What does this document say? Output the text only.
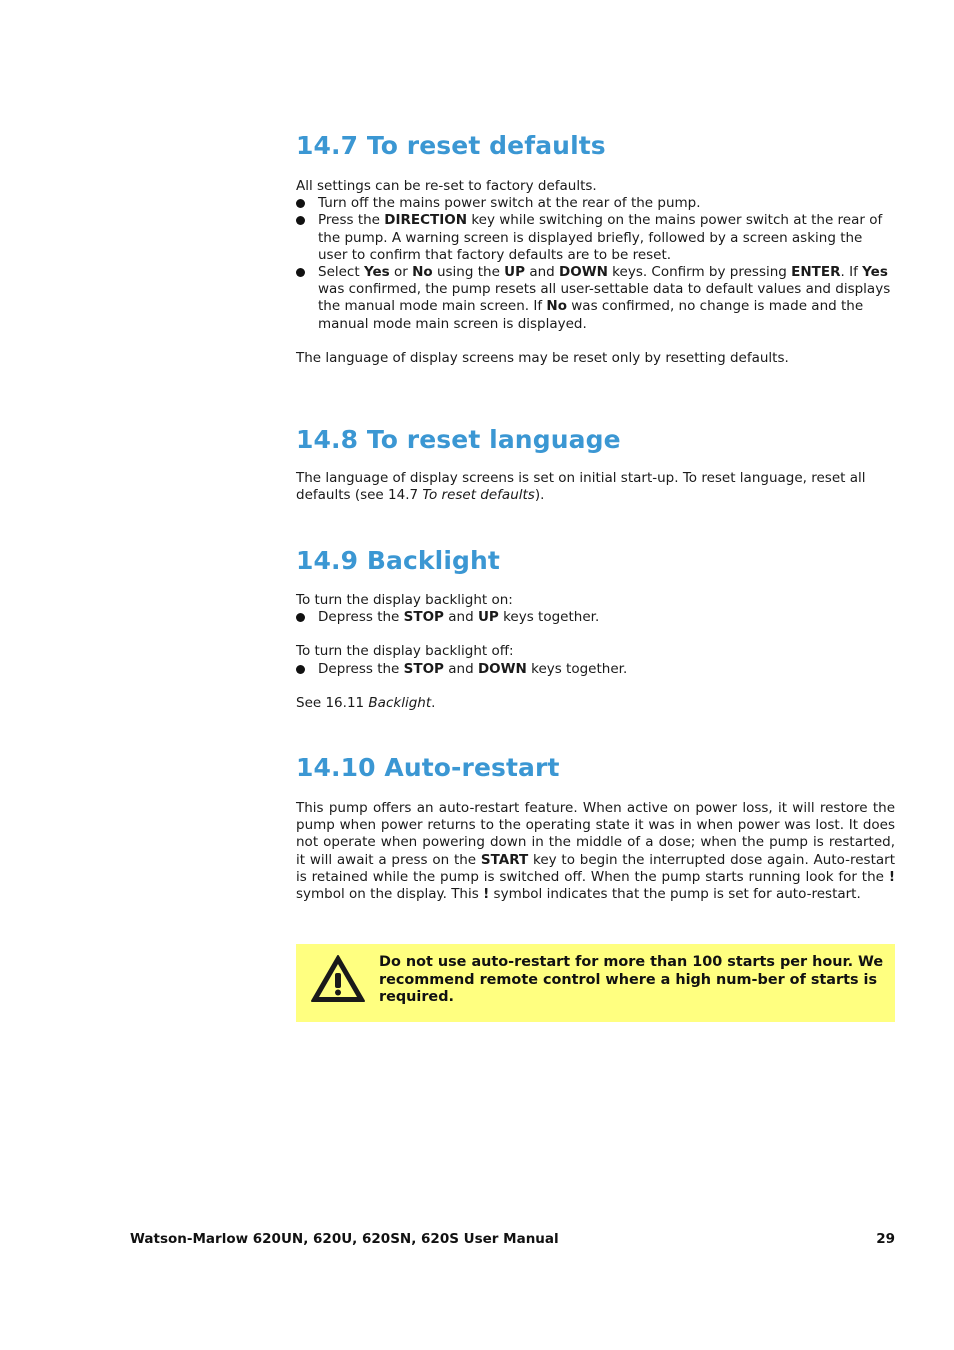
14.7 To reset defaults

All settings can be re-set to factory defaults.

Turn off the mains power switch at the rear of the pump.
Press the DIRECTION key while switching on the mains power switch at the rear of the pump. A warning screen is displayed briefly, followed by a screen asking the user to confirm that factory defaults are to be reset.
Select Yes or No using the UP and DOWN keys. Confirm by pressing ENTER. If Yes was confirmed, the pump resets all user-settable data to default values and displays the manual mode main screen. If No was confirmed, no change is made and the manual mode main screen is displayed.

The language of display screens may be reset only by resetting defaults.

14.8 To reset language

The language of display screens is set on initial start-up. To reset language, reset all defaults (see 14.7 To reset defaults).

14.9 Backlight

To turn the display backlight on:

Depress the STOP and UP keys together.

To turn the display backlight off:

Depress the STOP and DOWN keys together.

See 16.11 Backlight.

14.10 Auto-restart

This pump offers an auto-restart feature. When active on power loss, it will restore the pump when power returns to the operating state it was in when power was lost. It does not operate when powering down in the middle of a dose; when the pump is restarted, it will await a press on the START key to begin the interrupted dose again. Auto-restart is retained while the pump is switched off. When the pump starts running look for the ! symbol on the display. This ! symbol indicates that the pump is set for auto-restart.

Do not use auto-restart for more than 100 starts per hour. We recommend remote control where a high num-ber of starts is required.
Watson-Marlow 620UN, 620U, 620SN, 620S User Manual	29
